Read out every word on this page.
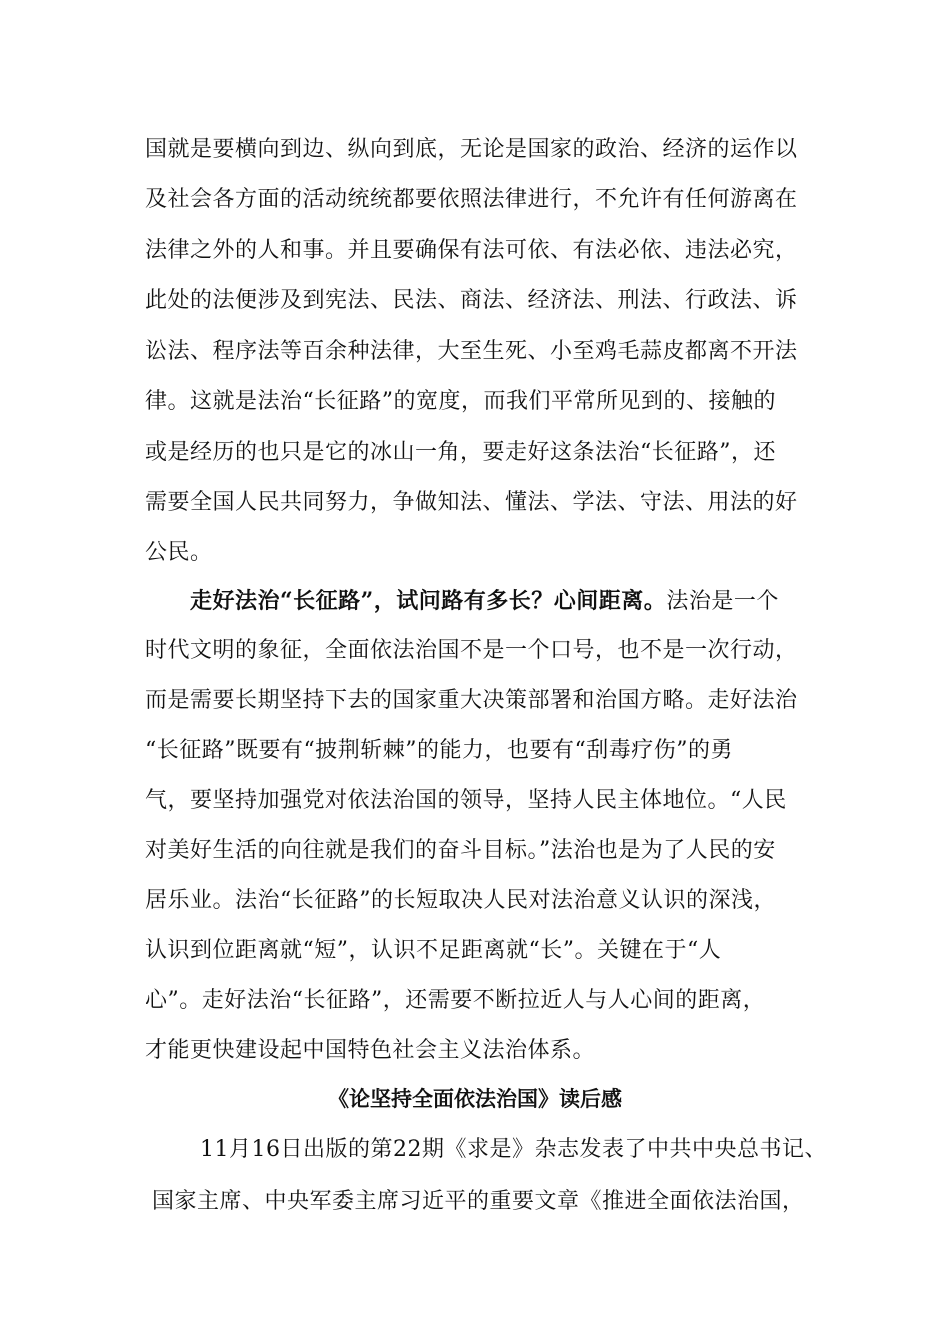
国就是要横向到边、纵向到底，无论是国家的政治、经济的运作以
及社会各方面的活动统统都要依照法律进行，不允许有任何游离在
法律之外的人和事。并且要确保有法可依、有法必依、违法必究，
此处的法便涉及到宪法、民法、商法、经济法、刑法、行政法、诉
讼法、程序法等百余种法律，大至生死、小至鸡毛蒜皮都离不开法
律。这就是法治“长征路”的宽度，而我们平常所见到的、接触的
或是经历的也只是它的冰山一角，要走好这条法治“长征路”，还
需要全国人民共同努力，争做知法、懂法、学法、守法、用法的好
公民。
走好法治“长征路”，试问路有多长？心间距离。法治是一个
时代文明的象征，全面依法治国不是一个口号，也不是一次行动，
而是需要长期坚持下去的国家重大决策部署和治国方略。走好法治
“长征路”既要有“披荆斩棘”的能力，也要有“刮毒疗伤”的勇
气，要坚持加强党对依法治国的领导，坚持人民主体地位。“人民
对美好生活的向往就是我们的奋斗目标。”法治也是为了人民的安
居乐业。法治“长征路”的长短取决人民对法治意义认识的深浅，
认识到位距离就“短”，认识不足距离就“长”。关键在于“人
心”。走好法治“长征路”，还需要不断拉近人与人心间的距离，
才能更快建设起中国特色社会主义法治体系。
《论坚持全面依法治国》读后感
11月16日出版的第22期《求是》杂志发表了中共中央总书记、
国家主席、中央军委主席习近平的重要文章《推进全面依法治国，
